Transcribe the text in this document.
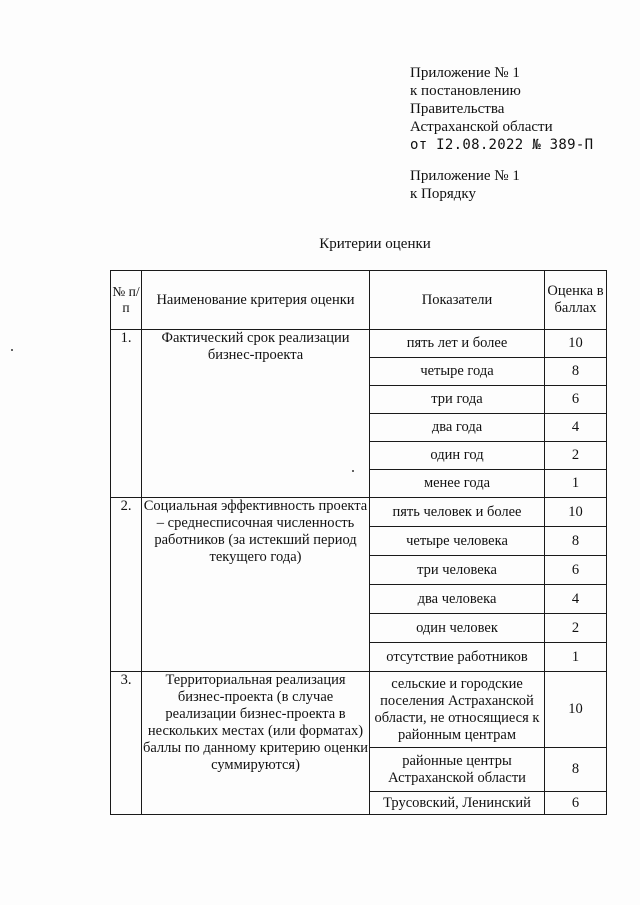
Приложение № 1
к постановлению
Правительства
Астраханской области
от I2.08.2022 № 389-П
Приложение № 1
к Порядку
Критерии оценки
№ п/п	Наименование критерия оценки	Показатели	Оценка в баллах
1.	Фактический срок реализации бизнес-проекта	пять лет и более	10
		четыре года	8
		три года	6
		два года	4
		один год	2
		менее года	1
2.	Социальная эффективность проекта – среднесписочная численность работников (за истекший период текущего года)	пять человек и более	10
		четыре человека	8
		три человека	6
		два человека	4
		один человек	2
		отсутствие работников	1
3.	Территориальная реализация бизнес-проекта (в случае реализации бизнес-проекта в нескольких местах (или форматах) баллы по данному критерию оценки суммируются)	сельские и городские поселения Астраханской области, не относящиеся к районным центрам	10
		районные центры Астраханской области	8
		Трусовский, Ленинский	6
